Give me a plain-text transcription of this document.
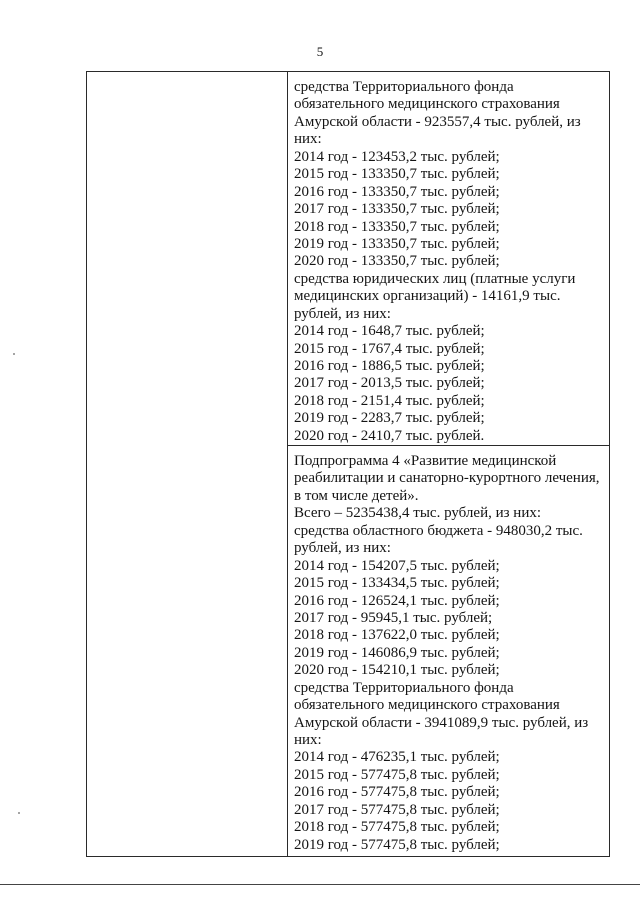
5
средства Территориального фонда
обязательного медицинского страхования
Амурской области - 923557,4 тыс. рублей, из
них:
2014 год - 123453,2 тыс. рублей;
2015 год - 133350,7 тыс. рублей;
2016 год - 133350,7 тыс. рублей;
2017 год - 133350,7 тыс. рублей;
2018 год - 133350,7 тыс. рублей;
2019 год - 133350,7 тыс. рублей;
2020 год - 133350,7 тыс. рублей;
средства юридических лиц (платные услуги
медицинских организаций) - 14161,9 тыс.
рублей, из них:
2014 год - 1648,7 тыс. рублей;
2015 год - 1767,4 тыс. рублей;
2016 год - 1886,5 тыс. рублей;
2017 год - 2013,5 тыс. рублей;
2018 год - 2151,4 тыс. рублей;
2019 год - 2283,7 тыс. рублей;
2020 год - 2410,7 тыс. рублей.
Подпрограмма 4 «Развитие медицинской
реабилитации и санаторно-курортного лечения,
в том числе детей».
Всего – 5235438,4 тыс. рублей, из них:
средства областного бюджета - 948030,2 тыс.
рублей, из них:
2014 год - 154207,5 тыс. рублей;
2015 год - 133434,5 тыс. рублей;
2016 год - 126524,1 тыс. рублей;
2017 год - 95945,1 тыс. рублей;
2018 год - 137622,0 тыс. рублей;
2019 год - 146086,9 тыс. рублей;
2020 год - 154210,1 тыс. рублей;
средства Территориального фонда
обязательного медицинского страхования
Амурской области - 3941089,9 тыс. рублей, из
них:
2014 год - 476235,1 тыс. рублей;
2015 год - 577475,8 тыс. рублей;
2016 год - 577475,8 тыс. рублей;
2017 год - 577475,8 тыс. рублей;
2018 год - 577475,8 тыс. рублей;
2019 год - 577475,8 тыс. рублей;
